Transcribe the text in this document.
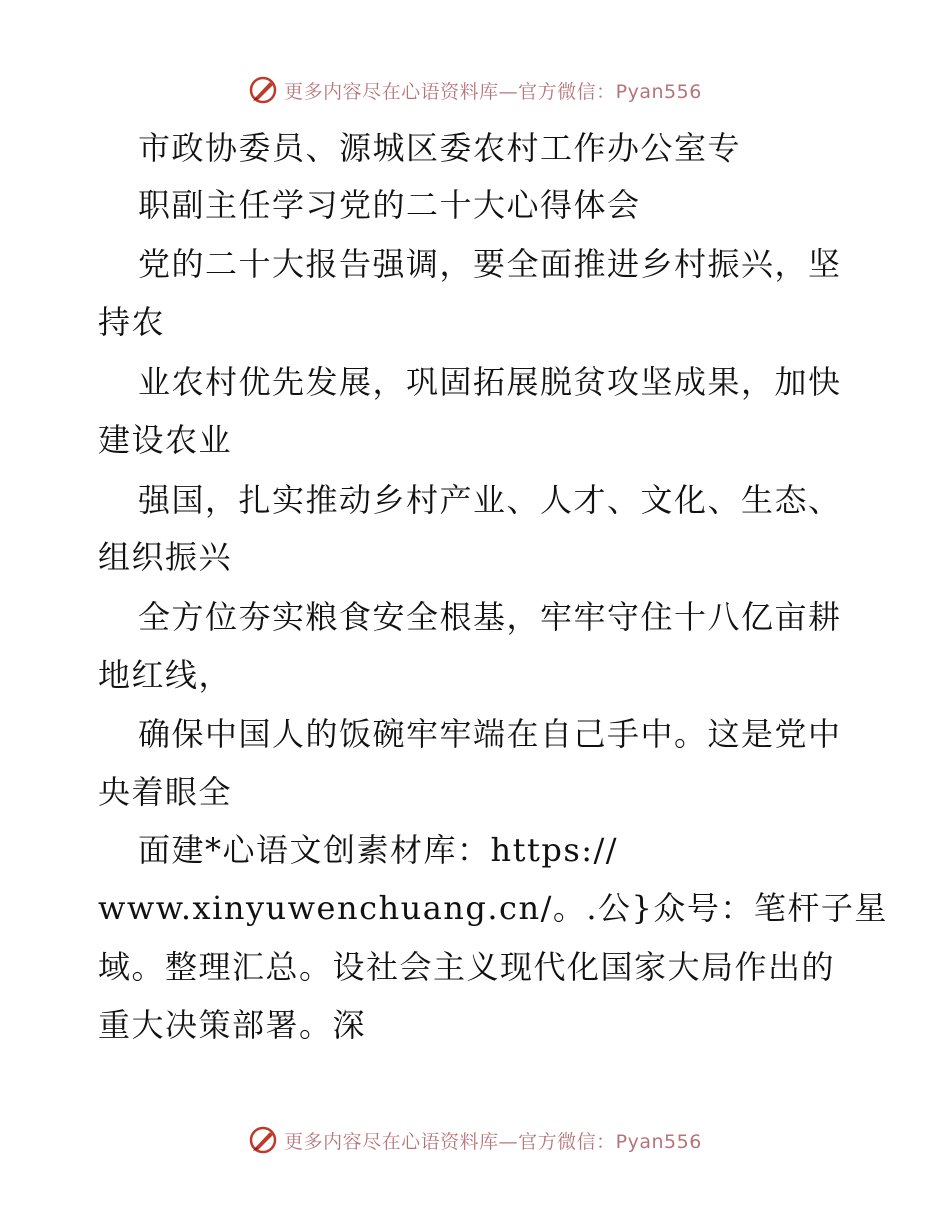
更多内容尽在心语资料库—官方微信：Pyan556
市政协委员、源城区委农村工作办公室专
职副主任学习党的二十大心得体会
党的二十大报告强调，要全面推进乡村振兴，坚
持农
业农村优先发展，巩固拓展脱贫攻坚成果，加快
建设农业
强国，扎实推动乡村产业、人才、文化、生态、
组织振兴
全方位夯实粮食安全根基，牢牢守住十八亿亩耕
地红线，
确保中国人的饭碗牢牢端在自己手中。这是党中
央着眼全
面建*心语文创素材库：https://
www.xinyuwenchuang.cn/。.公}众号：笔杆子星
域。整理汇总。设社会主义现代化国家大局作出的
重大决策部署。深
更多内容尽在心语资料库—官方微信：Pyan556
